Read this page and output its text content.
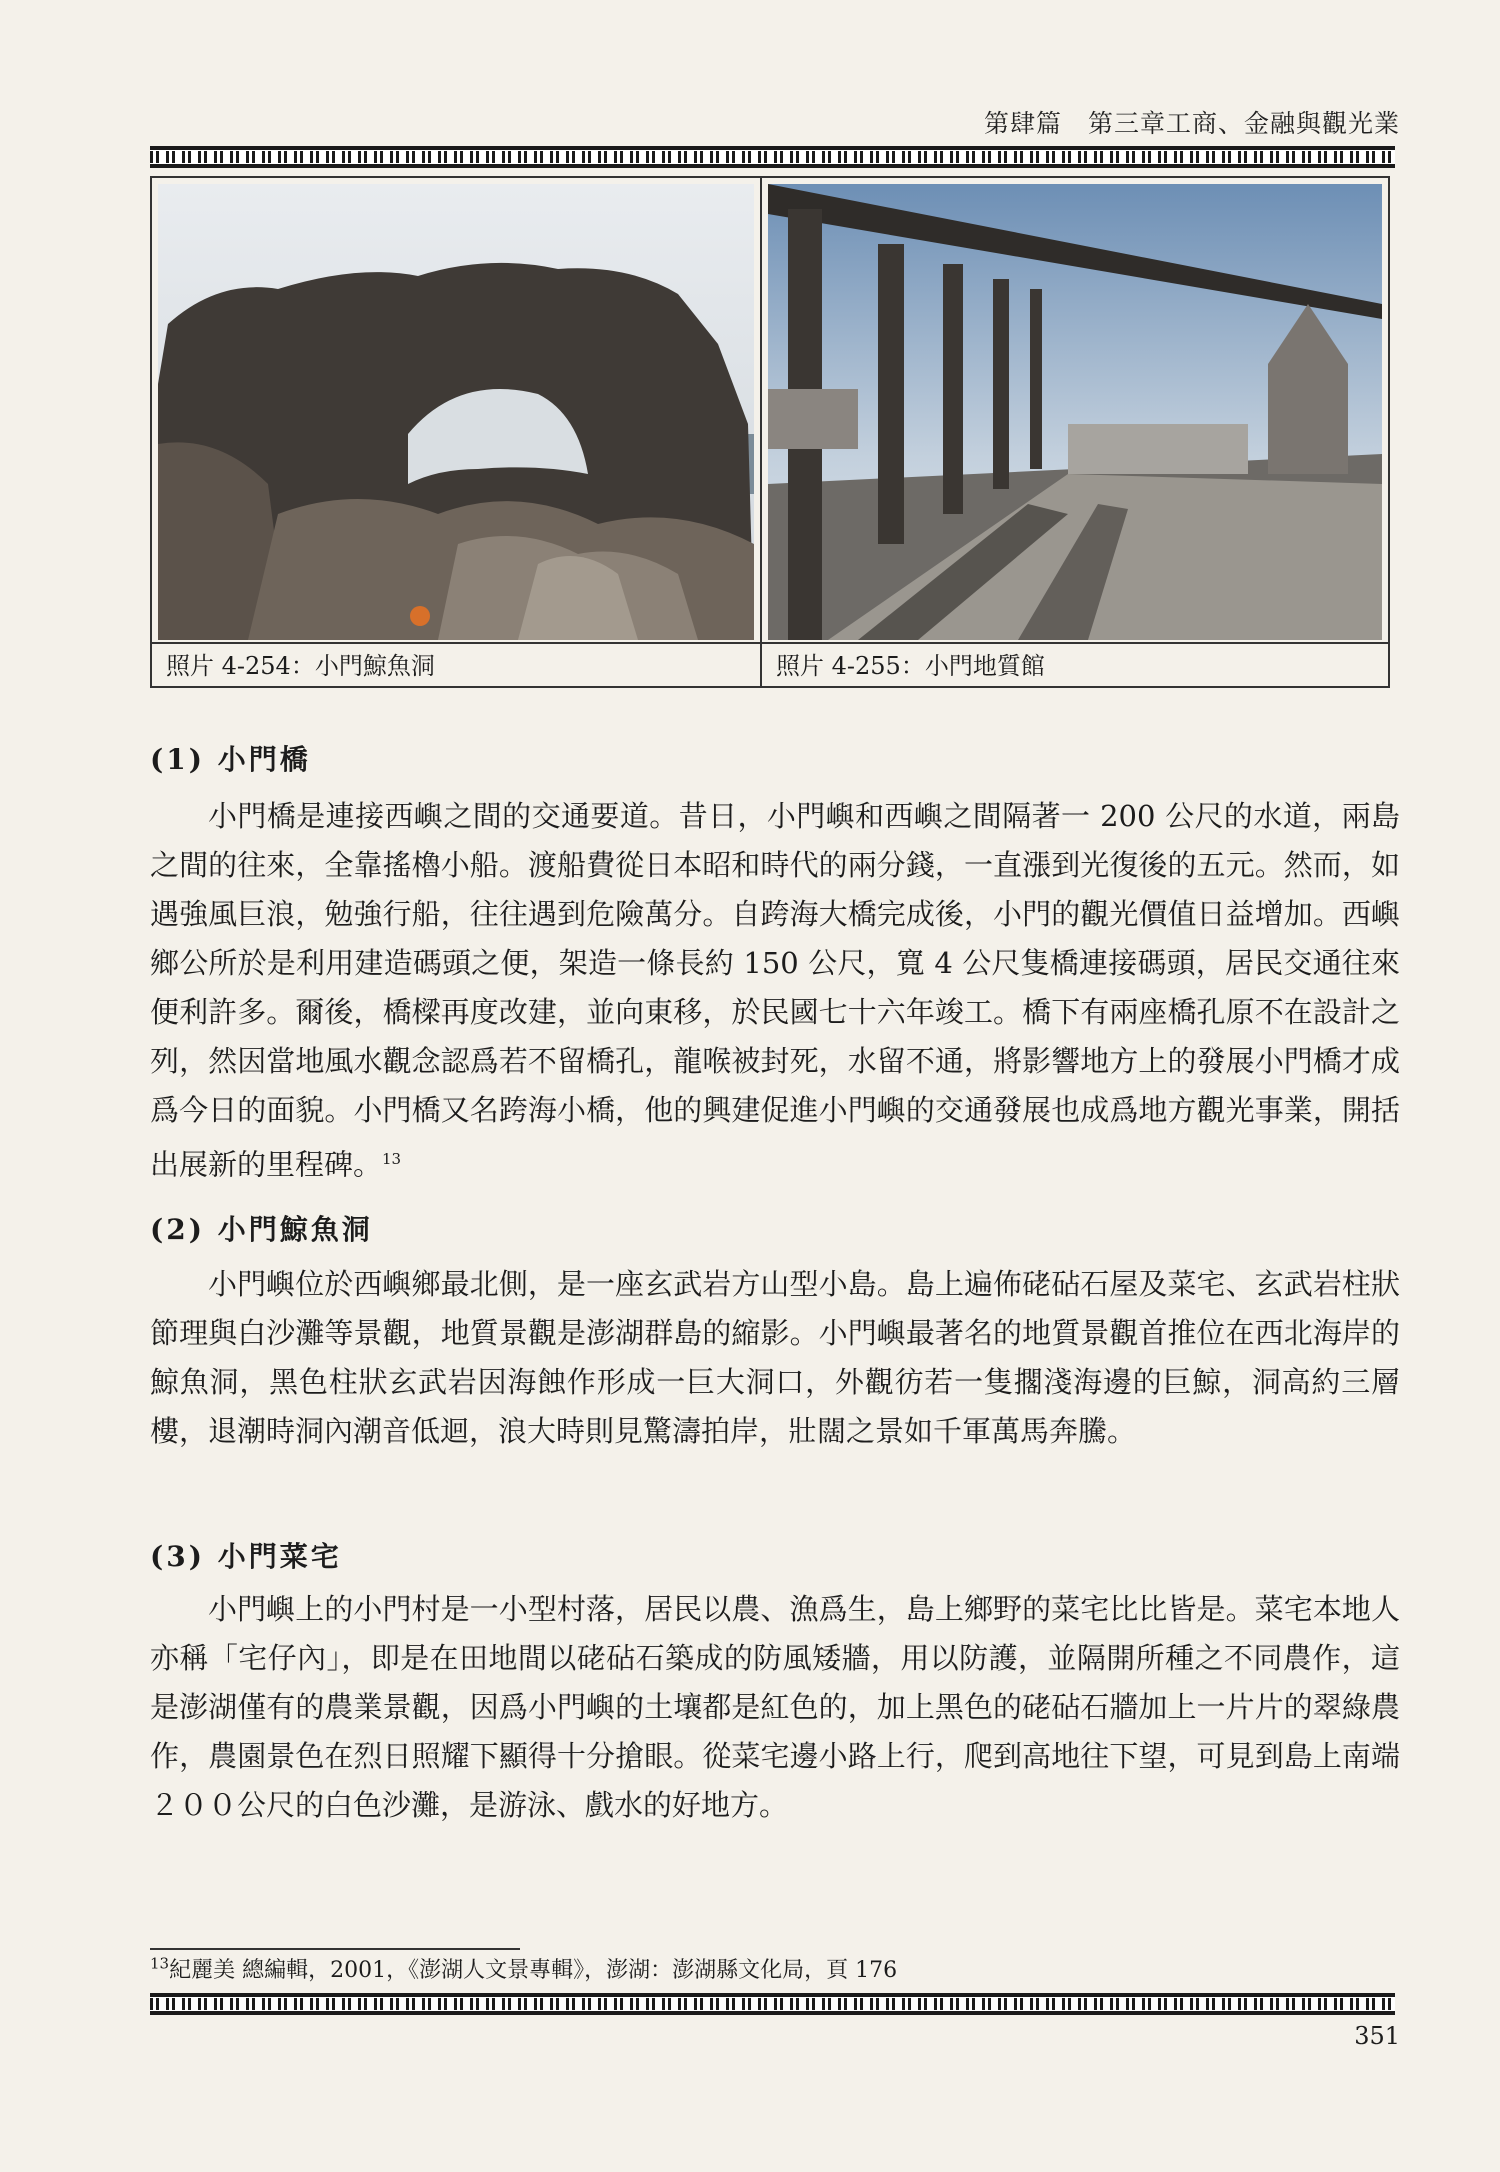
第肆篇　第三章工商、金融與觀光業
照片 4-254：小門鯨魚洞	照片 4-255：小門地質館
(1) 小門橋

小門橋是連接西嶼之間的交通要道。昔日，小門嶼和西嶼之間隔著一 200 公尺的水道，兩島之間的往來，全靠搖櫓小船。渡船費從日本昭和時代的兩分錢，一直漲到光復後的五元。然而，如遇強風巨浪，勉強行船，往往遇到危險萬分。自跨海大橋完成後，小門的觀光價值日益增加。西嶼鄉公所於是利用建造碼頭之便，架造一條長約 150 公尺，寬 4 公尺隻橋連接碼頭，居民交通往來便利許多。爾後，橋樑再度改建，並向東移，於民國七十六年竣工。橋下有兩座橋孔原不在設計之列，然因當地風水觀念認爲若不留橋孔，龍喉被封死，水留不通，將影響地方上的發展小門橋才成爲今日的面貌。小門橋又名跨海小橋，他的興建促進小門嶼的交通發展也成爲地方觀光事業，開括出展新的里程碑。$^{13}$

(2) 小門鯨魚洞

小門嶼位於西嶼鄉最北側，是一座玄武岩方山型小島。島上遍佈硓砧石屋及菜宅、玄武岩柱狀節理與白沙灘等景觀，地質景觀是澎湖群島的縮影。小門嶼最著名的地質景觀首推位在西北海岸的鯨魚洞，黑色柱狀玄武岩因海蝕作形成一巨大洞口，外觀彷若一隻擱淺海邊的巨鯨，洞高約三層樓，退潮時洞內潮音低迴，浪大時則見驚濤拍岸，壯闊之景如千軍萬馬奔騰。

(3) 小門菜宅

小門嶼上的小門村是一小型村落，居民以農、漁爲生，島上鄉野的菜宅比比皆是。菜宅本地人亦稱「宅仔內」，即是在田地間以硓砧石築成的防風矮牆，用以防護，並隔開所種之不同農作，這是澎湖僅有的農業景觀，因爲小門嶼的土壤都是紅色的，加上黑色的硓砧石牆加上一片片的翠綠農作，農園景色在烈日照耀下顯得十分搶眼。從菜宅邊小路上行，爬到高地往下望，可見到島上南端２００公尺的白色沙灘，是游泳、戲水的好地方。

$^{13}$紀麗美 總編輯，2001，《澎湖人文景專輯》，澎湖：澎湖縣文化局，頁 176
351
